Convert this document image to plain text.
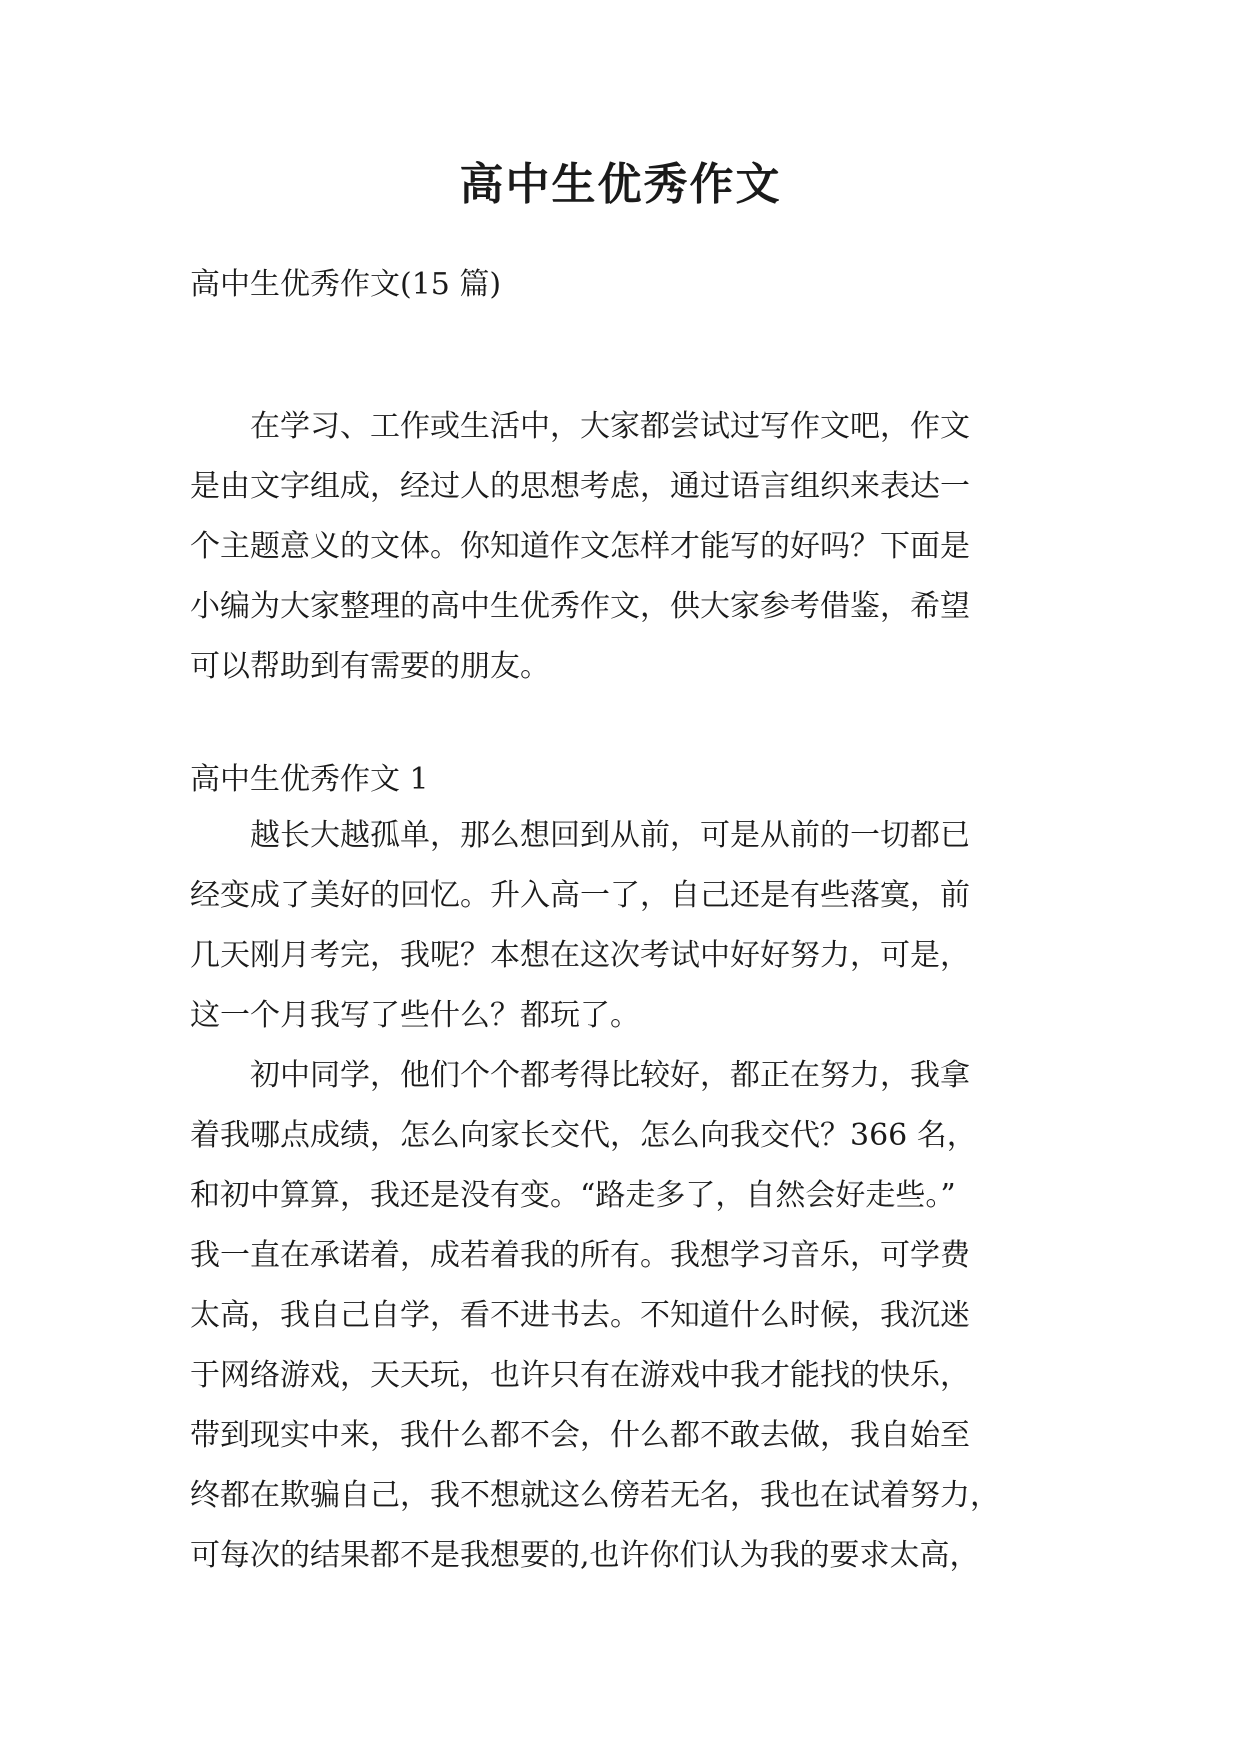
高中生优秀作文

高中生优秀作文(15 篇)

　　在学习、工作或生活中，大家都尝试过写作文吧，作文
是由文字组成，经过人的思想考虑，通过语言组织来表达一
个主题意义的文体。你知道作文怎样才能写的好吗？下面是
小编为大家整理的高中生优秀作文，供大家参考借鉴，希望
可以帮助到有需要的朋友。

高中生优秀作文 1

　　越长大越孤单，那么想回到从前，可是从前的一切都已
经变成了美好的回忆。升入高一了，自己还是有些落寞，前
几天刚月考完，我呢？本想在这次考试中好好努力，可是，
这一个月我写了些什么？都玩了。
　　初中同学，他们个个都考得比较好，都正在努力，我拿
着我哪点成绩，怎么向家长交代，怎么向我交代？366 名，
和初中算算，我还是没有变。“路走多了，自然会好走些。”
我一直在承诺着，成若着我的所有。我想学习音乐，可学费
太高，我自己自学，看不进书去。不知道什么时候，我沉迷
于网络游戏，天天玩，也许只有在游戏中我才能找的快乐，
带到现实中来，我什么都不会，什么都不敢去做，我自始至
终都在欺骗自己，我不想就这么傍若无名，我也在试着努力，
可每次的结果都不是我想要的,也许你们认为我的要求太高，
